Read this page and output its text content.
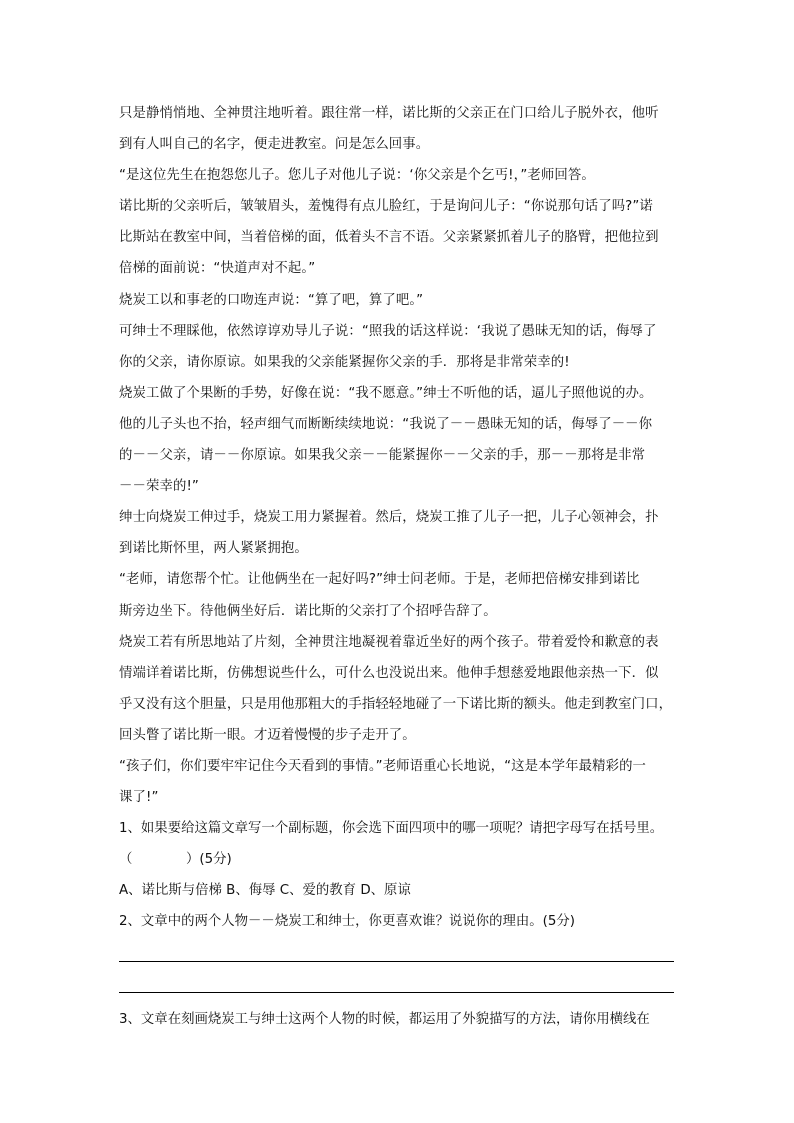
只是静悄悄地、全神贯注地听着。跟往常一样，诺比斯的父亲正在门口给儿子脱外衣，他听
到有人叫自己的名字，便走进教室。问是怎么回事。
“是这位先生在抱怨您儿子。您儿子对他儿子说：‘你父亲是个乞丐!，”老师回答。
诺比斯的父亲听后，皱皱眉头，羞愧得有点儿脸红，于是询问儿子：“你说那句话了吗?”诺
比斯站在教室中间，当着倍梯的面，低着头不言不语。父亲紧紧抓着儿子的胳臂，把他拉到
倍梯的面前说：“快道声对不起。”
烧炭工以和事老的口吻连声说：“算了吧，算了吧。”
可绅士不理睬他，依然谆谆劝导儿子说：“照我的话这样说：‘我说了愚昧无知的话，侮辱了
你的父亲，请你原谅。如果我的父亲能紧握你父亲的手．那将是非常荣幸的!
烧炭工做了个果断的手势，好像在说：“我不愿意。”绅士不听他的话，逼儿子照他说的办。
他的儿子头也不抬，轻声细气而断断续续地说：“我说了－－愚昧无知的话，侮辱了－－你
的－－父亲，请－－你原谅。如果我父亲－－能紧握你－－父亲的手，那－－那将是非常
－－荣幸的!”
绅士向烧炭工伸过手，烧炭工用力紧握着。然后，烧炭工推了儿子一把，儿子心领神会，扑
到诺比斯怀里，两人紧紧拥抱。
“老师，请您帮个忙。让他俩坐在一起好吗?”绅士问老师。于是，老师把倍梯安排到诺比
斯旁边坐下。待他俩坐好后．诺比斯的父亲打了个招呼告辞了。
烧炭工若有所思地站了片刻，全神贯注地凝视着靠近坐好的两个孩子。带着爱怜和歉意的表
情端详着诺比斯，仿佛想说些什么，可什么也没说出来。他伸手想慈爱地跟他亲热一下．似
乎又没有这个胆量，只是用他那粗大的手指轻轻地碰了一下诺比斯的额头。他走到教室门口，
回头瞥了诺比斯一眼。才迈着慢慢的步子走开了。
“孩子们，你们要牢牢记住今天看到的事情。”老师语重心长地说，“这是本学年最精彩的一
课了!”
1、如果要给这篇文章写一个副标题，你会选下面四项中的哪一项呢？请把字母写在括号里。
（　　　　）(5分)
A、诺比斯与倍梯 B、侮辱 C、爱的教育 D、原谅
2、文章中的两个人物－－烧炭工和绅士，你更喜欢谁？说说你的理由。(5分)
3、文章在刻画烧炭工与绅士这两个人物的时候，都运用了外貌描写的方法，请你用横线在
